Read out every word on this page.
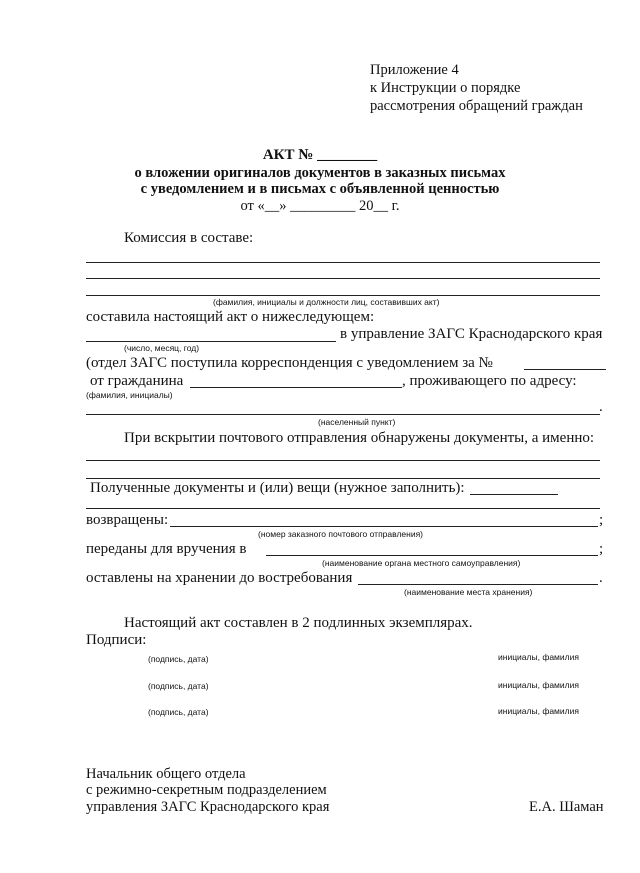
Приложение 4
к Инструкции о порядке
рассмотрения обращений граждан
АКТ № ________
о вложении оригиналов документов в заказных письмах
с уведомлением и в письмах с объявленной ценностью
от «__» _________ 20__ г.
Комиссия в составе:
(фамилия, инициалы и должности лиц, составивших акт)
составила настоящий акт о нижеследующем:
в управление ЗАГС Краснодарского края
(число, месяц, год)
(отдел ЗАГС поступила корреспонденция с уведомлением за №
от гражданина	, проживающего по адресу:
(фамилия, инициалы)
.
(населенный пункт)
При вскрытии почтового отправления обнаружены документы, а именно:
Полученные документы и (или) вещи (нужное заполнить):
возвращены:	;
(номер заказного почтового отправления)
переданы для вручения в	;
(наименование органа местного самоуправления)
оставлены на хранении до востребования	.
(наименование места хранения)
Настоящий акт составлен в 2 подлинных экземплярах.
Подписи:
(подпись, дата)	инициалы, фамилия
(подпись, дата)	инициалы, фамилия
(подпись, дата)	инициалы, фамилия
Начальник общего отдела
с режимно-секретным подразделением
управления ЗАГС Краснодарского края	Е.А. Шаман
